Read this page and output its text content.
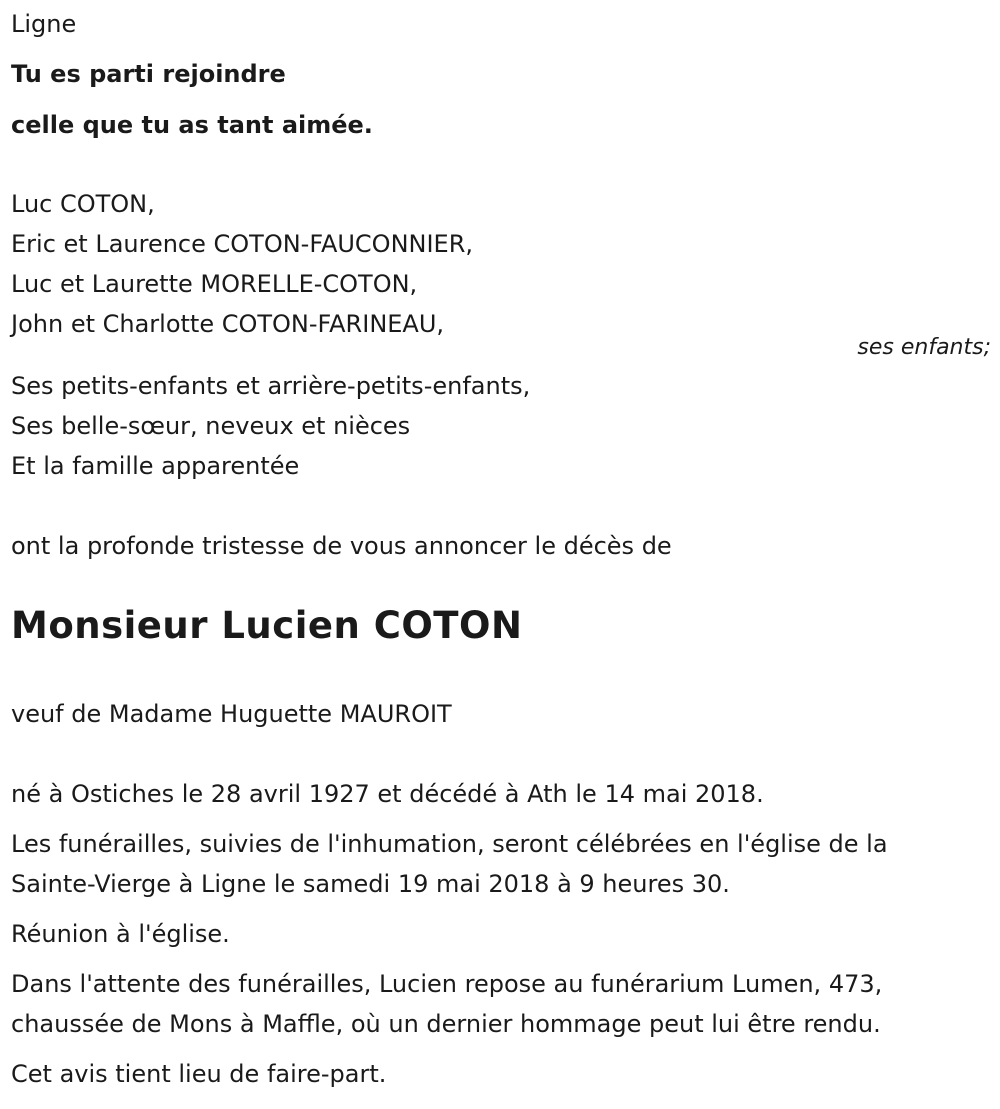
Ligne
Tu es parti rejoindre
celle que tu as tant aimée.
Luc COTON,
Eric et Laurence COTON-FAUCONNIER,
Luc et Laurette MORELLE-COTON,
John et Charlotte COTON-FARINEAU,
ses enfants;
Ses petits-enfants et arrière-petits-enfants,
Ses belle-sœur, neveux et nièces
Et la famille apparentée
ont la profonde tristesse de vous annoncer le décès de
Monsieur Lucien COTON
veuf de Madame Huguette MAUROIT
né à Ostiches le 28 avril 1927 et décédé à Ath le 14 mai 2018.
Les funérailles, suivies de l'inhumation, seront célébrées en l'église de la Sainte-Vierge à Ligne le samedi 19 mai 2018 à 9 heures 30.
Réunion à l'église.
Dans l'attente des funérailles, Lucien repose au funérarium Lumen, 473, chaussée de Mons à Maffle, où un dernier hommage peut lui être rendu.
Cet avis tient lieu de faire-part.
